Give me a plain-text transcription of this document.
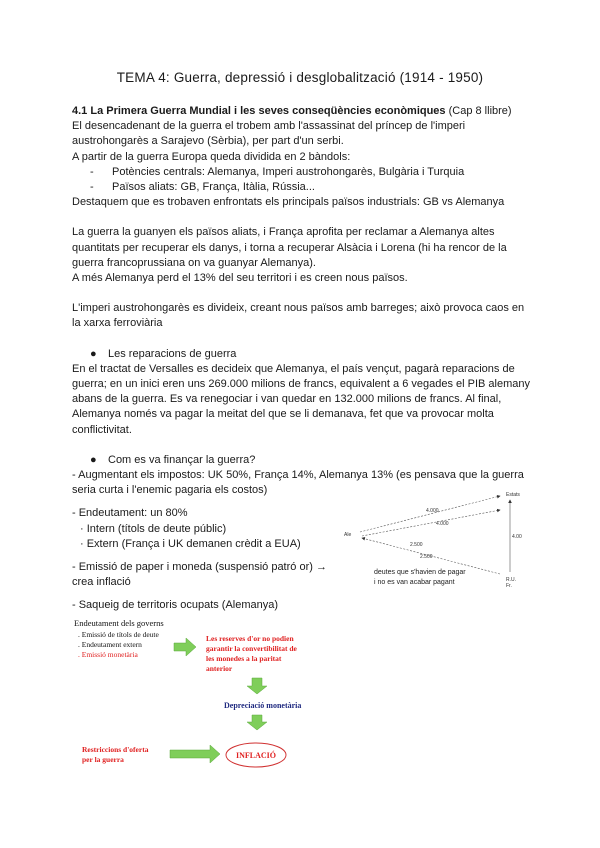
TEMA 4: Guerra, depressió i desglobalització (1914 - 1950)

4.1 La Primera Guerra Mundial i les seves conseqüències econòmiques (Cap 8 llibre)

El desencadenant de la guerra el trobem amb l'assassinat del príncep de l'imperi austrohongarès a Sarajevo (Sèrbia), per part d'un serbi.

A partir de la guerra Europa queda dividida en 2 bàndols:

- Potències centrals: Alemanya, Imperi austrohongarès, Bulgària i Turquia
- Països aliats: GB, França, Itàlia, Rússia...

Destaquem que es trobaven enfrontats els principals països industrials: GB vs Alemanya

La guerra la guanyen els països aliats, i França aprofita per reclamar a Alemanya altes quantitats per recuperar els danys, i torna a recuperar Alsàcia i Lorena (hi ha rencor de la guerra francoprussiana on va guanyar Alemanya).

A més Alemanya perd el 13% del seu territori i es creen nous països.

L'imperi austrohongarès es divideix, creant nous països amb barreges; això provoca caos en la xarxa ferroviària

● Les reparacions de guerra

En el tractat de Versalles es decideix que Alemanya, el país vençut, pagarà reparacions de guerra; en un inici eren uns 269.000 milions de francs, equivalent a 6 vegades el PIB alemany abans de la guerra. Es va renegociar i van quedar en 132.000 milions de francs. Al final, Alemanya només va pagar la meitat del que se li demanava, fet que va provocar molta conflictivitat.

● Com es va finançar la guerra?

- Augmentant els impostos: UK 50%, França 14%, Alemanya 13% (es pensava que la guerra seria curta i l'enemic pagaria els costos)

- Endeutament: un 80%

· Intern (títols de deute públic)

· Extern (França i UK demanen crèdit a EUA)

- Emissió de paper i moneda (suspensió patró or) → crea inflació

- Saqueig de territoris ocupats (Alemanya)

Estats
Ale
R.U.
Fr.
4.000
4.000
2.500
2.500
4.00
deutes que s'havien de pagar
i no es van acabar pagant
Endeutament dels governs
. Emissió de títols de deute
. Endeutament extern
. Emissió monetària
Les reserves d'or no podien
garantir la convertibilitat de
les monedes a la paritat
anterior
Depreciació monetària
Restriccions d'oferta
per la guerra	INFLACIÓ
